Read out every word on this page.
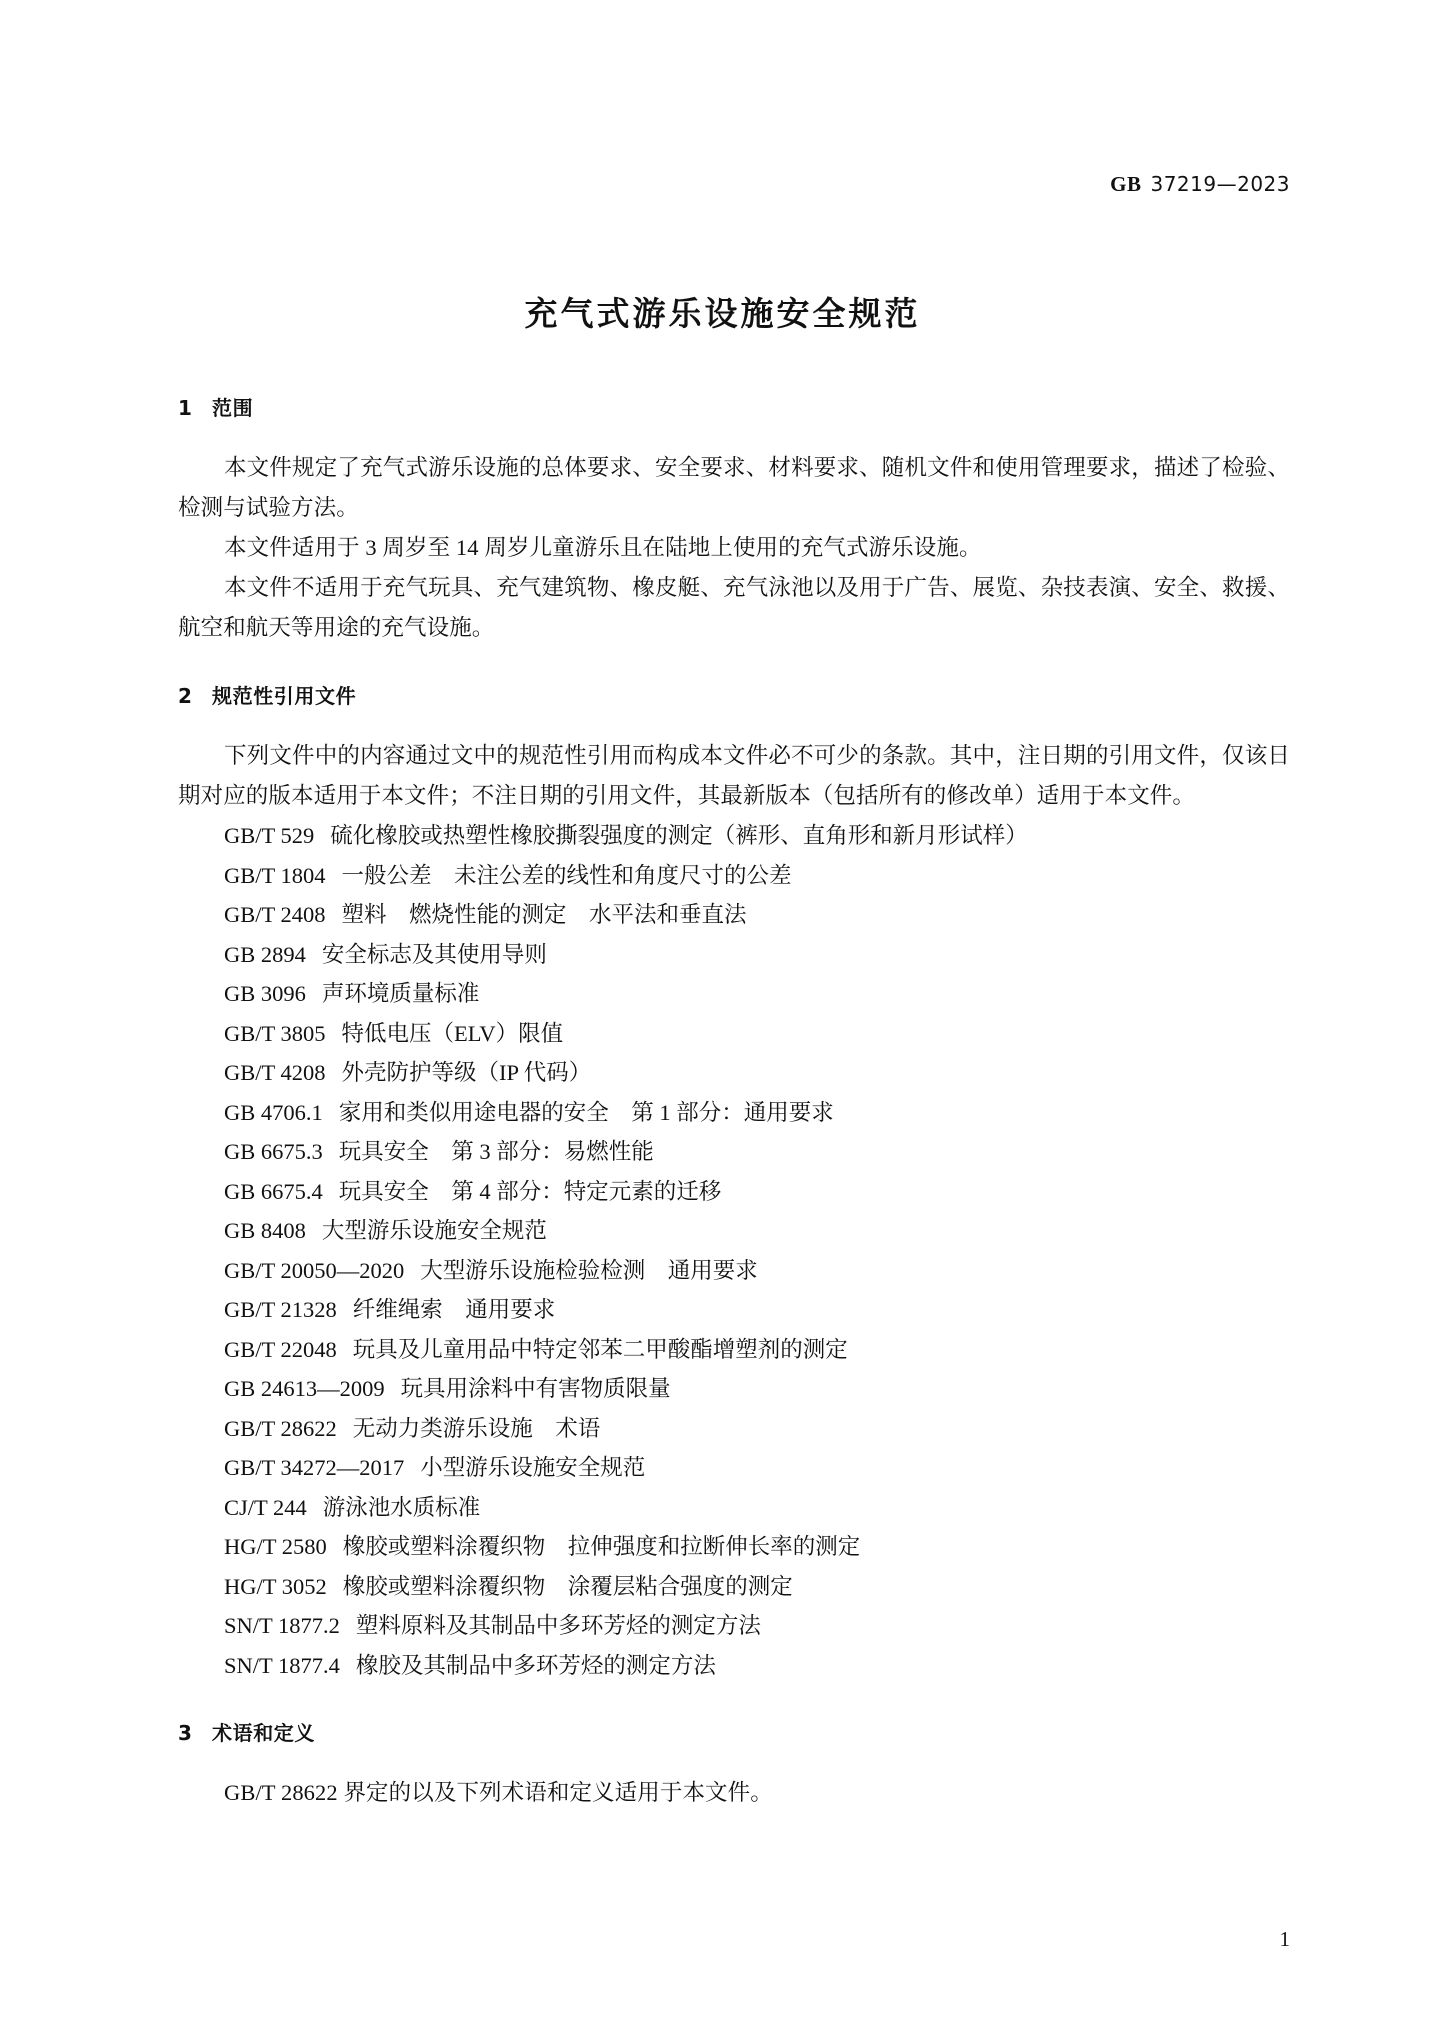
GB 37219—2023
充气式游乐设施安全规范
1 范围

本文件规定了充气式游乐设施的总体要求、安全要求、材料要求、随机文件和使用管理要求，描述了检验、检测与试验方法。

本文件适用于 3 周岁至 14 周岁儿童游乐且在陆地上使用的充气式游乐设施。

本文件不适用于充气玩具、充气建筑物、橡皮艇、充气泳池以及用于广告、展览、杂技表演、安全、救援、航空和航天等用途的充气设施。

2 规范性引用文件

下列文件中的内容通过文中的规范性引用而构成本文件必不可少的条款。其中，注日期的引用文件，仅该日期对应的版本适用于本文件；不注日期的引用文件，其最新版本（包括所有的修改单）适用于本文件。

GB/T 529 硫化橡胶或热塑性橡胶撕裂强度的测定（裤形、直角形和新月形试样）
GB/T 1804 一般公差　未注公差的线性和角度尺寸的公差
GB/T 2408 塑料　燃烧性能的测定　水平法和垂直法
GB 2894 安全标志及其使用导则
GB 3096 声环境质量标准
GB/T 3805 特低电压（ELV）限值
GB/T 4208 外壳防护等级（IP 代码）
GB 4706.1 家用和类似用途电器的安全　第 1 部分：通用要求
GB 6675.3 玩具安全　第 3 部分：易燃性能
GB 6675.4 玩具安全　第 4 部分：特定元素的迁移
GB 8408 大型游乐设施安全规范
GB/T 20050—2020 大型游乐设施检验检测　通用要求
GB/T 21328 纤维绳索　通用要求
GB/T 22048 玩具及儿童用品中特定邻苯二甲酸酯增塑剂的测定
GB 24613—2009 玩具用涂料中有害物质限量
GB/T 28622 无动力类游乐设施　术语
GB/T 34272—2017 小型游乐设施安全规范
CJ/T 244 游泳池水质标准
HG/T 2580 橡胶或塑料涂覆织物　拉伸强度和拉断伸长率的测定
HG/T 3052 橡胶或塑料涂覆织物　涂覆层粘合强度的测定
SN/T 1877.2 塑料原料及其制品中多环芳烃的测定方法
SN/T 1877.4 橡胶及其制品中多环芳烃的测定方法
3 术语和定义

GB/T 28622 界定的以及下列术语和定义适用于本文件。

1
